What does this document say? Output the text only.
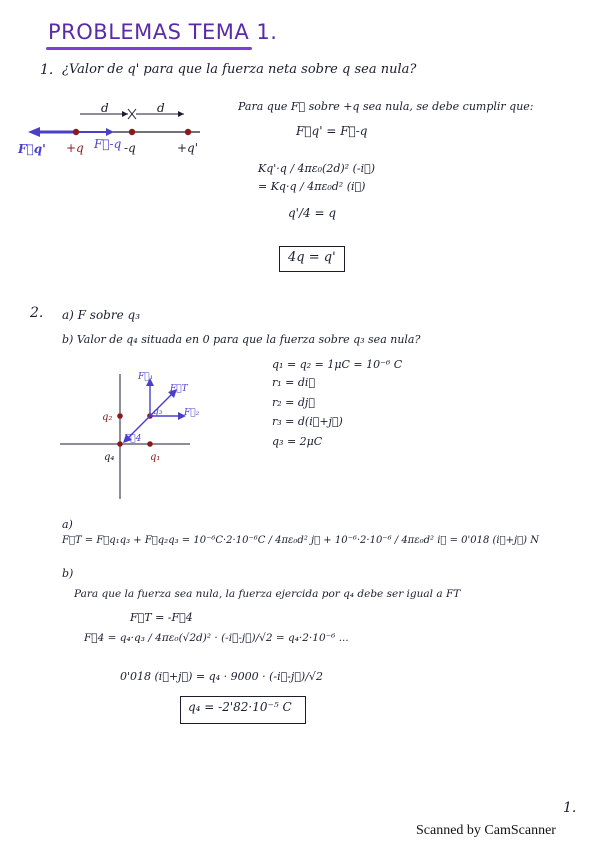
PROBLEMAS TEMA 1.
1. ¿Valor de q' para que la fuerza neta sobre q sea nula?
d	d
F⃗q' +q F⃗-q -q	+q'
Para que F⃗ sobre +q sea nula, se debe cumplir que:
F⃗q' = F⃗-q
Kq'·q / 4πε₀(2d)² (-i⃗)
= Kq·q / 4πε₀d² (i⃗)
q'/4 = q
4q = q'
2. a) F sobre q₃
b) Valor de q₄ situada en 0 para que la fuerza sobre q₃ sea nula?
F⃗₁
F⃗T
F⃗₂
q₂	q₃
F⃗4
q₄	q₁
q₁ = q₂ = 1μC = 10⁻⁶ C
r₁ = di⃗
r₂ = dj⃗
r₃ = d(i⃗+j⃗)
q₃ = 2μC
a)
F⃗T = F⃗q₁q₃ + F⃗q₂q₃ = 10⁻⁶C·2·10⁻⁶C / 4πε₀d² j⃗ + 10⁻⁶·2·10⁻⁶ / 4πε₀d² i⃗ = 0'018 (i⃗+j⃗) N
b)
Para que la fuerza sea nula, la fuerza ejercida por q₄ debe ser igual a FT
F⃗T = -F⃗4
F⃗4 = q₄·q₃ / 4πε₀(√2d)² · (-i⃗-j⃗)/√2 = q₄·2·10⁻⁶ ...
0'018 (i⃗+j⃗) = q₄ · 9000 · (-i⃗-j⃗)/√2
q₄ = -2'82·10⁻⁵ C
1.
Scanned by CamScanner
